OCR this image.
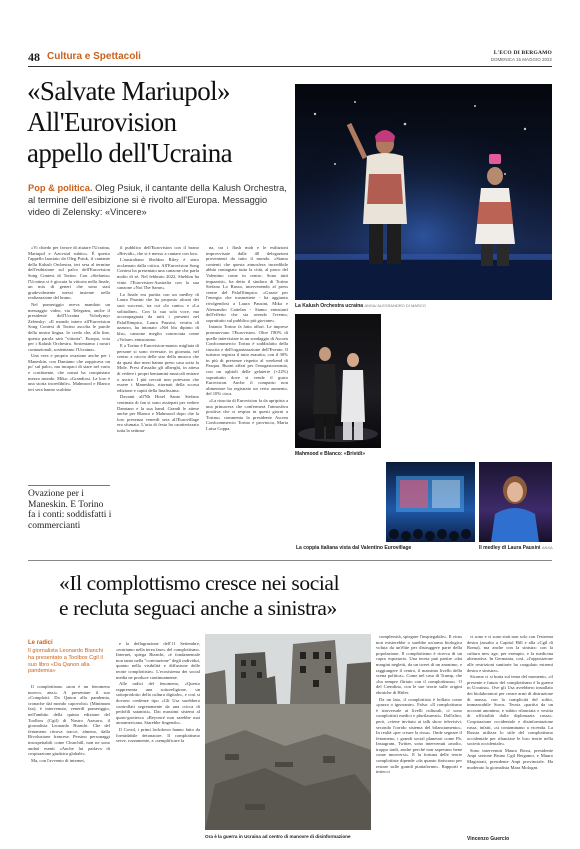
48 Cultura e Spettacoli	L'ECO DI BERGAMO
DOMENICA 15 MAGGIO 2022
«Salvate Mariupol»
All'Eurovision
appello dell'Ucraina
Pop & politica. Oleg Psiuk, il cantante della Kalush Orchestra, al termine dell'esibizione si è rivolto all'Europa. Messaggio video di Zelensky: «Vincere»

«Vi chiedo per favore di aiutare l'Ucraina, Mariupol e Azovstal subito». È questo l'appello lanciato da Oleg Psiuk, il cantante della Kalush Orchestra, ieri sera al termine dell'esibizione sul palco dell'Eurovision Song Contest di Torino. Con «Stefania» l'Ucraina si è giocata la vittoria nella finale, un mix di generi che sono stati gradevolmente messi insieme nella realizzazione del brano.

Nel pomeriggio aveva mandato un messaggio video, via Telegram, anche il presidente dell'Ucraina Volodymyr Zelensky: «Il mondo intero all'Eurovision Song Contest di Torino ascolta le parole della nostra lingua. Io credo che, alla fine, questa parola sarà "vittoria". Europa, vota per i Kalush Orchestra. Sosteniamo i nostri connazionali, sosteniamo l'Ucraina».

Una vera e propria ovazione anche per i Maneskin, con Damiano che zoppicava un po' sul palco, ma incapaci di stare nel vario e costituente, che ormai ha conquistato mezzo mondo. Mika: «Grandiosi. La loro è una storia incredibile». Mahmood e Blanco ieri sera hanno scaldato

Ovazione per i Maneskin. E Torino fa i conti: soddisfatti i commercianti

il pubblico dell'Eurovision con il brano «Brividi», che si è messo a cantare con loro.

L'australiano Sheldon Riley è stato acclamato dalla critica. All'Eurovision Song Contest ha presentato una canzone che parla molto di sé. Nel febbraio 2022, Sheldon ha vinto l'Eurovision-Australia con la sua canzone «Not The Same».

La finale era partita con un medley di Laura Pausini che ha proposto alcuni dei suoi successi, tra cui «Io canto» e «La solitudine». Con la sua sola voce, ma accompagnata da tutti i presenti nel PalaOlimpico, Laura Pausini, vestita di azzurro, ha intonato «Nel blu dipinto di blu», canzone meglio conosciuta come «Volare» entusiasmo.

E a Torino è Eurovision-mania: migliaia di persone si sono riversate, in giornata, nel centro a caccia delle star della musica che da quasi due mesi hanno preso casa sotto la Mole. Presi d'assalto gli alberghi, in attesa di vedere i propri beniamini musicali entrare o uscire. I più cercati non potevano che essere i Maneskin, ritornati della scorsa edizione e capiti della finalissima.

Davanti all'Nh Hotel Santo Stefano centinaia di fan si sono assiepati per vedere Damiano e la sua band. Grandi le attese anche per Blanco e Mahmood dopo che la loro presenza venerdì sera all'Eurovillage era sfumata. L'aria di festa ha caratterizzato tutta la settima-

na, tra i flash mob e le esibizioni improvvisate dalle 40 delegazioni provenienti da tutto il mondo. «Siamo contenti che questa atmosfera incredibile abbia contagiato tutta la città, al parco del Valentino come in centro. Sono tutti impazziti», ha detto il sindaco di Torino Stefano Lo Russo, intervenendo al press centre del PalaOlimpico. «Grazie per l'energia che trasmettete - ha aggiunto rivolgendosi a Laura Pausini, Mika e Alessandro Cattelan - Siamo entusiasti dell'effetto che sta avendo l'evento, soprattutto sul pubblico più giovane».

Intanto Torino fa fatto affari. Le imprese promuovono l'Eurovision. Oltre l'80% di quelle intervistate in un sondaggio di Ascom Confcommercio Torino è soddisfatto della riuscita e dell'organizzazione dell'Evento. Il turismo registra il tutto esaurito, con il 30% in più di presenze rispetto al weekend di Pasqua. Buoni affari per l'enogastronomia, con un ogbioli delle gelaterie (+22%) soprattutto dove si vende il gusto Eurovision. Anche il comparto non alimentare ha registrato un certo aumento, del 10% circa.

«La riuscita di Eurovision fa da apripista a una primavera che confermerà l'atmosfera positiva che si respira in questi giorni a Torino» commenta la presidente Ascom Confcommercio Torino e provincia, Maria Luisa Coppa.

La Kalush Orchestra ucraina ANSA/ ALESSANDRO DI MARCO
Mahmood e Blanco: «Brividi»
La coppia italiana vista dal Valentino Eurovillage	Il medley di Laura Pausini ANSA
«Il complottismo cresce nei social
e recluta seguaci anche a sinistra»
Le radici
Il giornalista Leonardo Bianchi ha presentato a Toolbox Cgil il suo libro «Da Qanon alla pandemia»

Il complottismo «non è un fenomeno nuovo» anzi». A presentare il suo «Complotti. Da Qanon alla pandemia, cronache dal mondo capovolto» (Minimum fax), è intervenuto, venerdì pomeriggio, nell'ambito della quinta edizione del Toolbox (Cgil) di Nastro Azzurro, il giornalista Leonardo Bianchi. Che del fenomeno ritrova tracce, almeno, dalla Rivoluzione francese. Persino personaggi insospettabili come Churchill, non ne sono andati esenti «Anche lui parlava di cospirazione giudaica globale».

Ma, con l'avvento di internet,

e la deflagrazione dell'11 Settembre, «entriamo nella terza fase» del complottismo. Internet, spiega Bianchi, «è fondamentale non tanto nella "convinzione" degli individui, quanto nella visibilità e diffusione delle teorie complottiste». L'ecosistema dei social media ne produce continuamente.

Alle radici del fenomeno, «Questo rappresenta una sottoreligione, un sottoprodotto della cultura digitale», e così si dovono credenze tipo «Gli Usa sarebbero controllati segretamente da una cricca di pedofili satanisti». Dai massimi sistemi al quasi-grottesco «Beyoncé non sarebbe mai atroamericana. Starebbe fingendo».

Il Covid, i primi lockdown hanno fatto da formidabile detonatore. Il complottismo serve, rozzamente, a «semplificare la

Ora è la guerra in Ucraina ad centro di manovre di disinformazione

complessità, spiegare l'inspiegabile». Il virus non esisterebbe o sarebbe un'arma biologica voluta da un'élite per distruggere parte della popolazione. Il complottismo è ricerca di un capro espiatorio. Una teoria può partire «dai margini negletti, da un tweet di un anonimo, e raggiungere il centro, il massimo livello della scena politica». Come nel caso di Trump, che «ha sempre flirtato con il complottismo». O del Cremlino, con le sue teorie sulle origini ebraiche di Hitler.

Da un lato, il complottista è bollato come «pazzo o ignorante». Falso: «Il complottismo è trasversale ai livelli culturali, ci sono complottisti medici e plurilaureati». Dall'altro, però, «viene invitato ai talk show televisivi, secondo l'orrido sistema del bilanciamento». In realtà «per creare la rissa». Onde segnare il fenomeno, i grandi social planetari come Fb, Instagram, Twitter, sono intervenuti «molto, troppo tardi, anche perché non sapevano bene come muoversi». E la fortuna delle teorie complottiste dipende «da quanto finiscono per restare sulle grandi piattaforme». Rapporti e intrecci

ci sono e ci sono stati non solo con l'estrema destra (assalto a Capitol Hill e alla «Cgil di Roma), ma anche con la sinistra: con la cultura new age, per esempio, e la medicina alternativa. In Germania, così, «l'opposizione alle restrizioni sanitarie ha coagulato estremi destra e sinistra».

Sicome ci si butta sul tema del momento, «il presente e futuro del complottismo è la guerra in Ucraina». Ove gli Usa avrebbero installato dei biolaboratori per creare armi di distruzione di massa, con la complicità del solito, immancabile Soros. Teoria «partita da un account anonimo, e subito rilanciata e vestita di ufficialità dalla diplomazia russa». Cospirazione occidentale e disinformazione russa, infatti, «si contaminano a vicenda. La Russia utilizza lo stile del complottismo occidentale per rilanciare le loro teorie nella società occidentale».

Sono intervenuti Mauro Rossi, presidente Anpi sezione Bruno Cgil Bergamo, e Mauro Magistrati, presidente Anpi provinciale. Ha moderato la giornalista Mara Mologni.

Vincenzo Guercio
